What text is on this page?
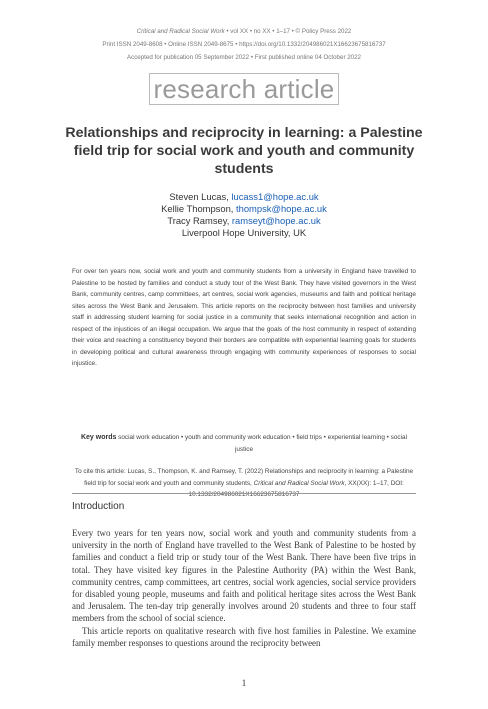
Critical and Radical Social Work • vol XX • no XX • 1–17 • © Policy Press 2022
Print ISSN 2049-8608 • Online ISSN 2049-8675 • https://doi.org/10.1332/204986021X16623675816737
Accepted for publication 05 September 2022 • First published online 04 October 2022
research article
Relationships and reciprocity in learning: a Palestine field trip for social work and youth and community students
Steven Lucas, lucass1@hope.ac.uk
Kellie Thompson, thompsk@hope.ac.uk
Tracy Ramsey, ramseyt@hope.ac.uk
Liverpool Hope University, UK
For over ten years now, social work and youth and community students from a university in England have travelled to Palestine to be hosted by families and conduct a study tour of the West Bank. They have visited governors in the West Bank, community centres, camp committees, art centres, social work agencies, museums and faith and political heritage sites across the West Bank and Jerusalem. This article reports on the reciprocity between host families and university staff in addressing student learning for social justice in a community that seeks international recognition and action in respect of the injustices of an illegal occupation. We argue that the goals of the host community in respect of extending their voice and reaching a constituency beyond their borders are compatible with experiential learning goals for students in developing political and cultural awareness through engaging with community experiences of responses to social injustice.
Key words social work education • youth and community work education • field trips • experiential learning • social justice
To cite this article: Lucas, S., Thompson, K. and Ramsey, T. (2022) Relationships and reciprocity in learning: a Palestine field trip for social work and youth and community students, Critical and Radical Social Work, XX(XX): 1–17, DOI: 10.1332/204986021X16623675816737
Introduction

Every two years for ten years now, social work and youth and community students from a university in the north of England have travelled to the West Bank of Palestine to be hosted by families and conduct a field trip or study tour of the West Bank. There have been five trips in total. They have visited key figures in the Palestine Authority (PA) within the West Bank, community centres, camp committees, art centres, social work agencies, social service providers for disabled young people, museums and faith and political heritage sites across the West Bank and Jerusalem. The ten-day trip generally involves around 20 students and three to four staff members from the school of social science.

This article reports on qualitative research with five host families in Palestine. We examine family member responses to questions around the reciprocity between

1
